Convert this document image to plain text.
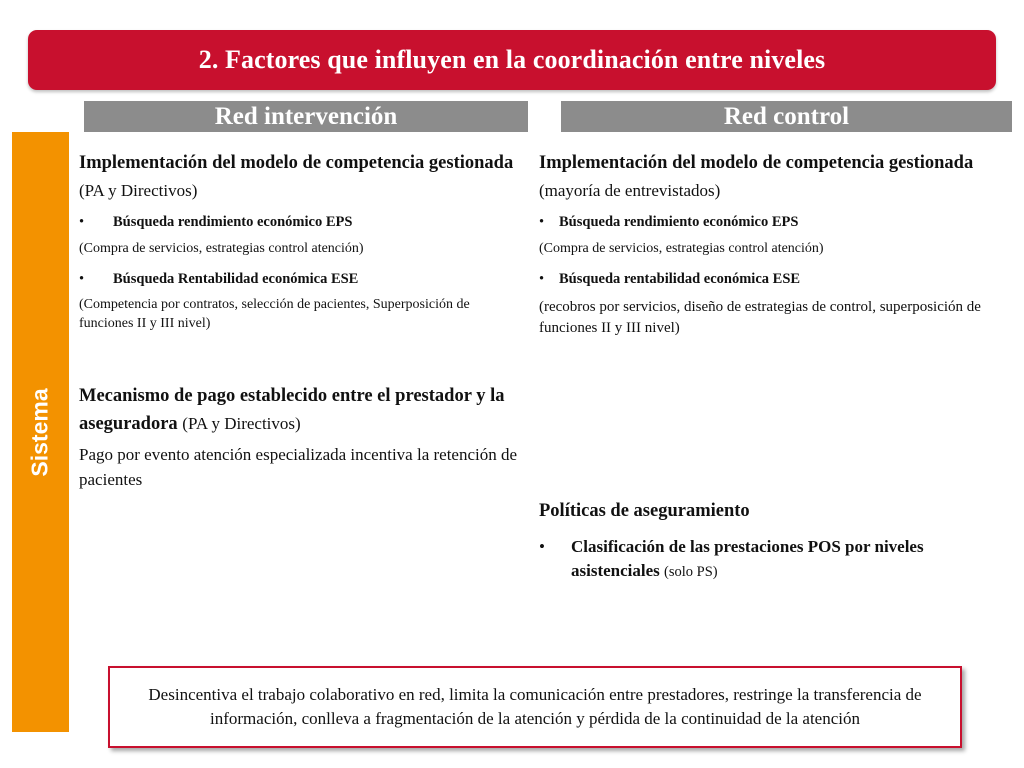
2. Factores que influyen en la coordinación entre niveles
Red intervención	Red control
Sistema

Implementación del modelo de competencia gestionada (PA y Directivos)

•	Búsqueda rendimiento económico EPS

(Compra de servicios, estrategias control atención)

•	Búsqueda Rentabilidad económica ESE

(Competencia por contratos, selección de pacientes, Superposición de funciones II y III nivel)

Mecanismo de pago establecido entre el prestador y la aseguradora (PA y Directivos)

Pago por evento atención especializada incentiva la retención de pacientes

Implementación del modelo de competencia gestionada (mayoría de entrevistados)

•	Búsqueda rendimiento económico EPS

(Compra de servicios, estrategias control atención)

•	Búsqueda rentabilidad económica ESE

(recobros por servicios, diseño de estrategias de control, superposición de funciones II y III nivel)

Políticas de aseguramiento

•	Clasificación de las prestaciones POS por niveles asistenciales (solo PS)
Desincentiva el trabajo colaborativo en red, limita la comunicación entre prestadores, restringe la transferencia de información, conlleva a fragmentación de la atención y pérdida de la continuidad de la atención
